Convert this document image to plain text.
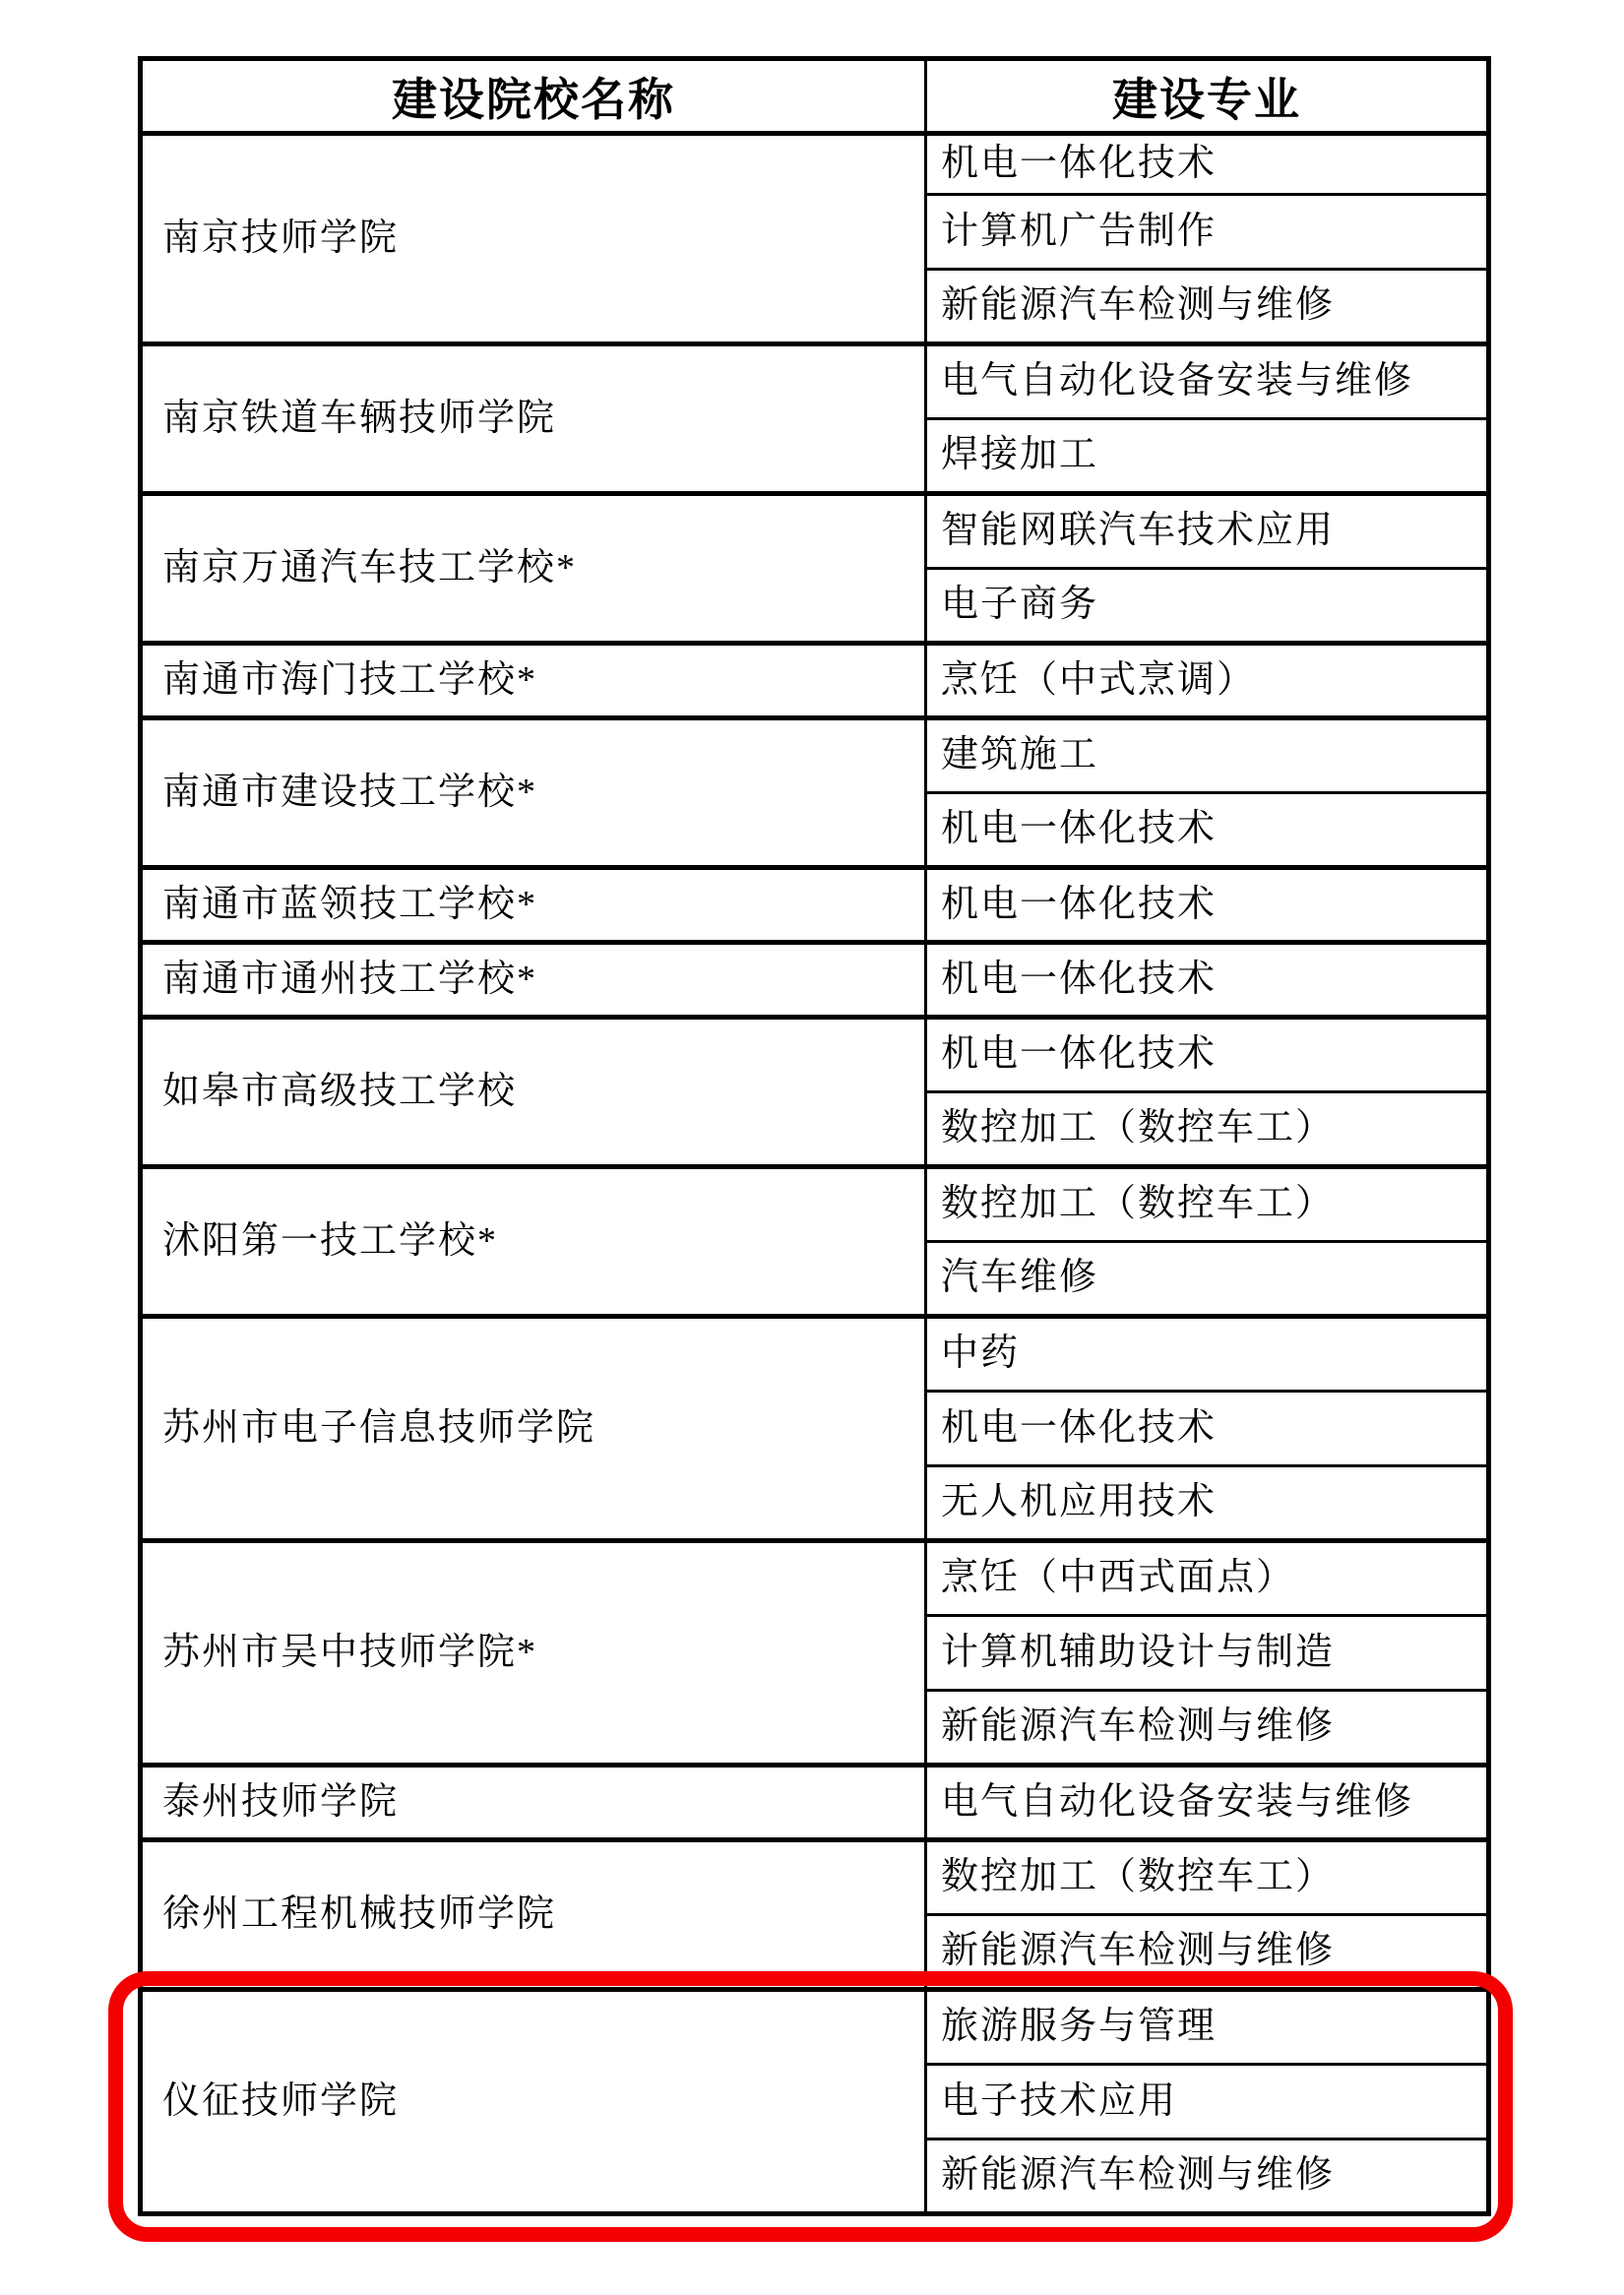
建设院校名称	建设专业
南京技师学院	机电一体化技术
	计算机广告制作
	新能源汽车检测与维修
南京铁道车辆技师学院	电气自动化设备安装与维修
	焊接加工
南京万通汽车技工学校*	智能网联汽车技术应用
	电子商务
南通市海门技工学校*	烹饪（中式烹调）
南通市建设技工学校*	建筑施工
	机电一体化技术
南通市蓝领技工学校*	机电一体化技术
南通市通州技工学校*	机电一体化技术
如皋市高级技工学校	机电一体化技术
	数控加工（数控车工）
沭阳第一技工学校*	数控加工（数控车工）
	汽车维修
苏州市电子信息技师学院	中药
	机电一体化技术
	无人机应用技术
苏州市吴中技师学院*	烹饪（中西式面点）
	计算机辅助设计与制造
	新能源汽车检测与维修
泰州技师学院	电气自动化设备安装与维修
徐州工程机械技师学院	数控加工（数控车工）
	新能源汽车检测与维修
仪征技师学院	旅游服务与管理
	电子技术应用
	新能源汽车检测与维修
